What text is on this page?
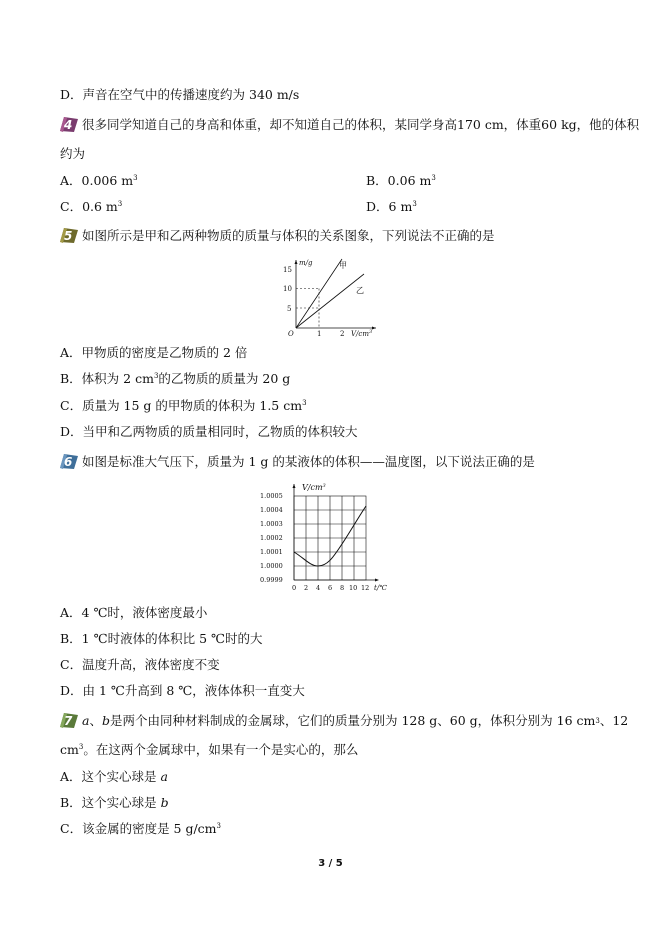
D．声音在空气中的传播速度约为 340 m/s
4 很多同学知道自己的身高和体重，却不知道自己的体积，某同学身高170 cm，体重60 kg，他的体积
约为
A．0.006 $m^3$	B．0.06 $m^3$
C．0.6 $m^3$	D．6 $m^3$
5 如图所示是甲和乙两种物质的质量与体积的关系图象，下列说法不正确的是
m/g	甲
乙
15
10
5
O	1	2 $V/cm^3$
A．甲物质的密度是乙物质的 2 倍
B．体积为 2 $cm^3$的乙物质的质量为 20 g
C．质量为 15 g 的甲物质的体积为 1.5 $cm^3$
D．当甲和乙两物质的质量相同时，乙物质的体积较大
6 如图是标准大气压下，质量为 1 g 的某液体的体积——温度图，以下说法正确的是
$V/cm^3$
1.0005
1.0004
1.0003
1.0002
1.0001
1.0000
0.9999
0 2 4 6 8 10 12 t/℃
A．4 ℃时，液体密度最小
B．1 ℃时液体的体积比 5 ℃时的大
C．温度升高，液体密度不变
D．由 1 ℃升高到 8 ℃，液体体积一直变大
7 a 、 b 是两个由同种材料制成的金属球，它们的质量分别为 128 g、60 g，体积分别为 16 cm 3 、12
$cm^3$。在这两个金属球中，如果有一个是实心的，那么
A．这个实心球是 a
B．这个实心球是 b
C．该金属的密度是 5 $g/cm^3$
3 / 5
